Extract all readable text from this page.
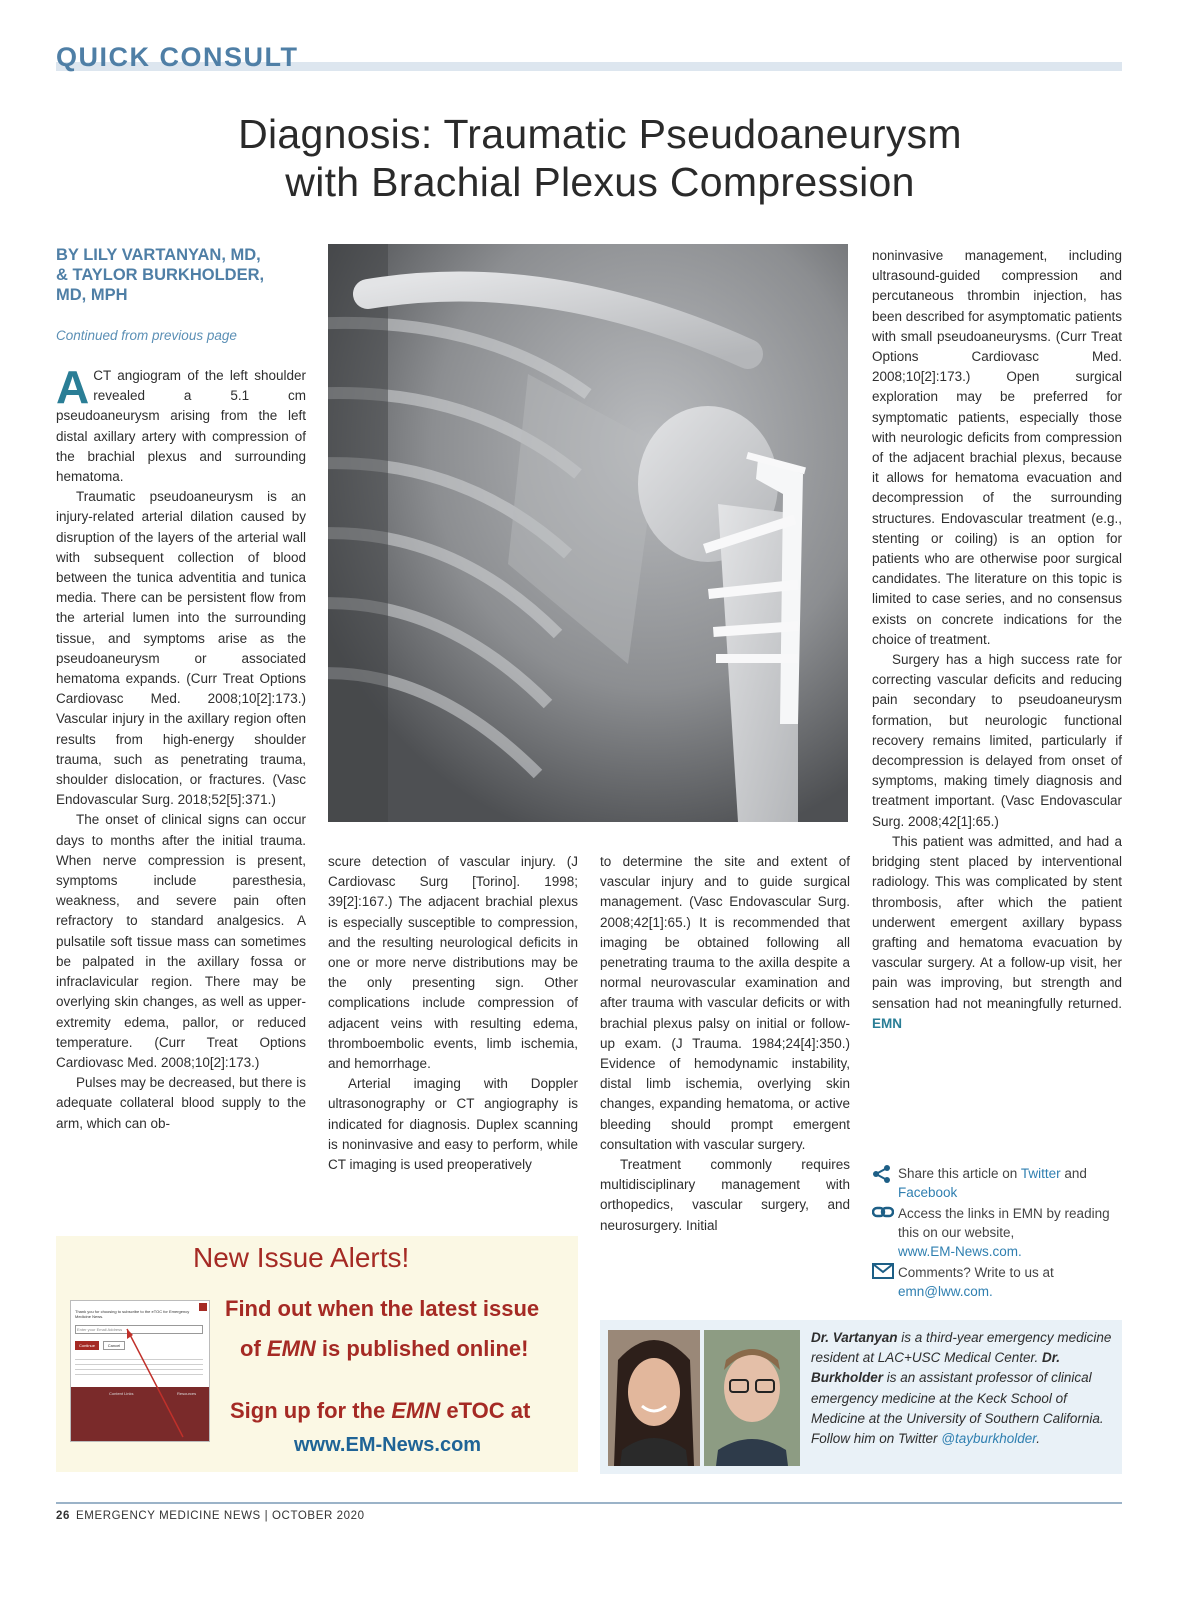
QUICK CONSULT
Diagnosis: Traumatic Pseudoaneurysm
with Brachial Plexus Compression
BY LILY VARTANYAN, MD,
& TAYLOR BURKHOLDER,
MD, MPH
Continued from previous page

ACT angiogram of the left shoulder revealed a 5.1 cm pseudoaneurysm arising from the left distal axillary artery with compression of the brachial plexus and surrounding hematoma.

Traumatic pseudoaneurysm is an injury-related arterial dilation caused by disruption of the layers of the arterial wall with subsequent collection of blood between the tunica adventitia and tunica media. There can be persistent flow from the arterial lumen into the surrounding tissue, and symptoms arise as the pseudoaneurysm or associated hematoma expands. (Curr Treat Options Cardiovasc Med. 2008;10[2]:173.) Vascular injury in the axillary region often results from high-energy shoulder trauma, such as penetrating trauma, shoulder dislocation, or fractures. (Vasc Endovascular Surg. 2018;52[5]:371.)

The onset of clinical signs can occur days to months after the initial trauma. When nerve compression is present, symptoms include paresthesia, weakness, and severe pain often refractory to standard analgesics. A pulsatile soft tissue mass can sometimes be palpated in the axillary fossa or infraclavicular region. There may be overlying skin changes, as well as upper-extremity edema, pallor, or reduced temperature. (Curr Treat Options Cardiovasc Med. 2008;10[2]:173.)

Pulses may be decreased, but there is adequate collateral blood supply to the arm, which can ob-

scure detection of vascular injury. (J Cardiovasc Surg [Torino]. 1998; 39[2]:167.) The adjacent brachial plexus is especially susceptible to compression, and the resulting neurological deficits in one or more nerve distributions may be the only presenting sign. Other complications include compression of adjacent veins with resulting edema, thromboembolic events, limb ischemia, and hemorrhage.

Arterial imaging with Doppler ultrasonography or CT angiography is indicated for diagnosis. Duplex scanning is noninvasive and easy to perform, while CT imaging is used preoperatively

to determine the site and extent of vascular injury and to guide surgical management. (Vasc Endovascular Surg. 2008;42[1]:65.) It is recommended that imaging be obtained following all penetrating trauma to the axilla despite a normal neurovascular examination and after trauma with vascular deficits or with brachial plexus palsy on initial or follow-up exam. (J Trauma. 1984;24[4]:350.) Evidence of hemodynamic instability, distal limb ischemia, overlying skin changes, expanding hematoma, or active bleeding should prompt emergent consultation with vascular surgery.

Treatment commonly requires multidisciplinary management with orthopedics, vascular surgery, and neurosurgery. Initial

noninvasive management, including ultrasound-guided compression and percutaneous thrombin injection, has been described for asymptomatic patients with small pseudoaneurysms. (Curr Treat Options Cardiovasc Med. 2008;10[2]:173.) Open surgical exploration may be preferred for symptomatic patients, especially those with neurologic deficits from compression of the adjacent brachial plexus, because it allows for hematoma evacuation and decompression of the surrounding structures. Endovascular treatment (e.g., stenting or coiling) is an option for patients who are otherwise poor surgical candidates. The literature on this topic is limited to case series, and no consensus exists on concrete indications for the choice of treatment.

Surgery has a high success rate for correcting vascular deficits and reducing pain secondary to pseudoaneurysm formation, but neurologic functional recovery remains limited, particularly if decompression is delayed from onset of symptoms, making timely diagnosis and treatment important. (Vasc Endovascular Surg. 2008;42[1]:65.)

This patient was admitted, and had a bridging stent placed by interventional radiology. This was complicated by stent thrombosis, after which the patient underwent emergent axillary bypass grafting and hematoma evacuation by vascular surgery. At a follow-up visit, her pain was improving, but strength and sensation had not meaningfully returned. EMN

Share this article on Twitter and
Facebook
Access the links in EMN by reading this on our website,
www.EM-News.com.
Comments? Write to us at
emn@lww.com.
New Issue Alerts!
Thank you for choosing to subscribe to the eTOC for Emergency Medicine News.
Enter your Email Address
Continue	Cancel
Content Links	Resources
Find out when the latest issue
of EMN is published online!
Sign up for the EMN eTOC at
www.EM-News.com
Dr. Vartanyan is a third-year emergency medicine resident at LAC+USC Medical Center. Dr. Burkholder is an assistant professor of clinical emergency medicine at the Keck School of Medicine at the University of Southern California. Follow him on Twitter @tayburkholder.
26 EMERGENCY MEDICINE NEWS | OCTOBER 2020
